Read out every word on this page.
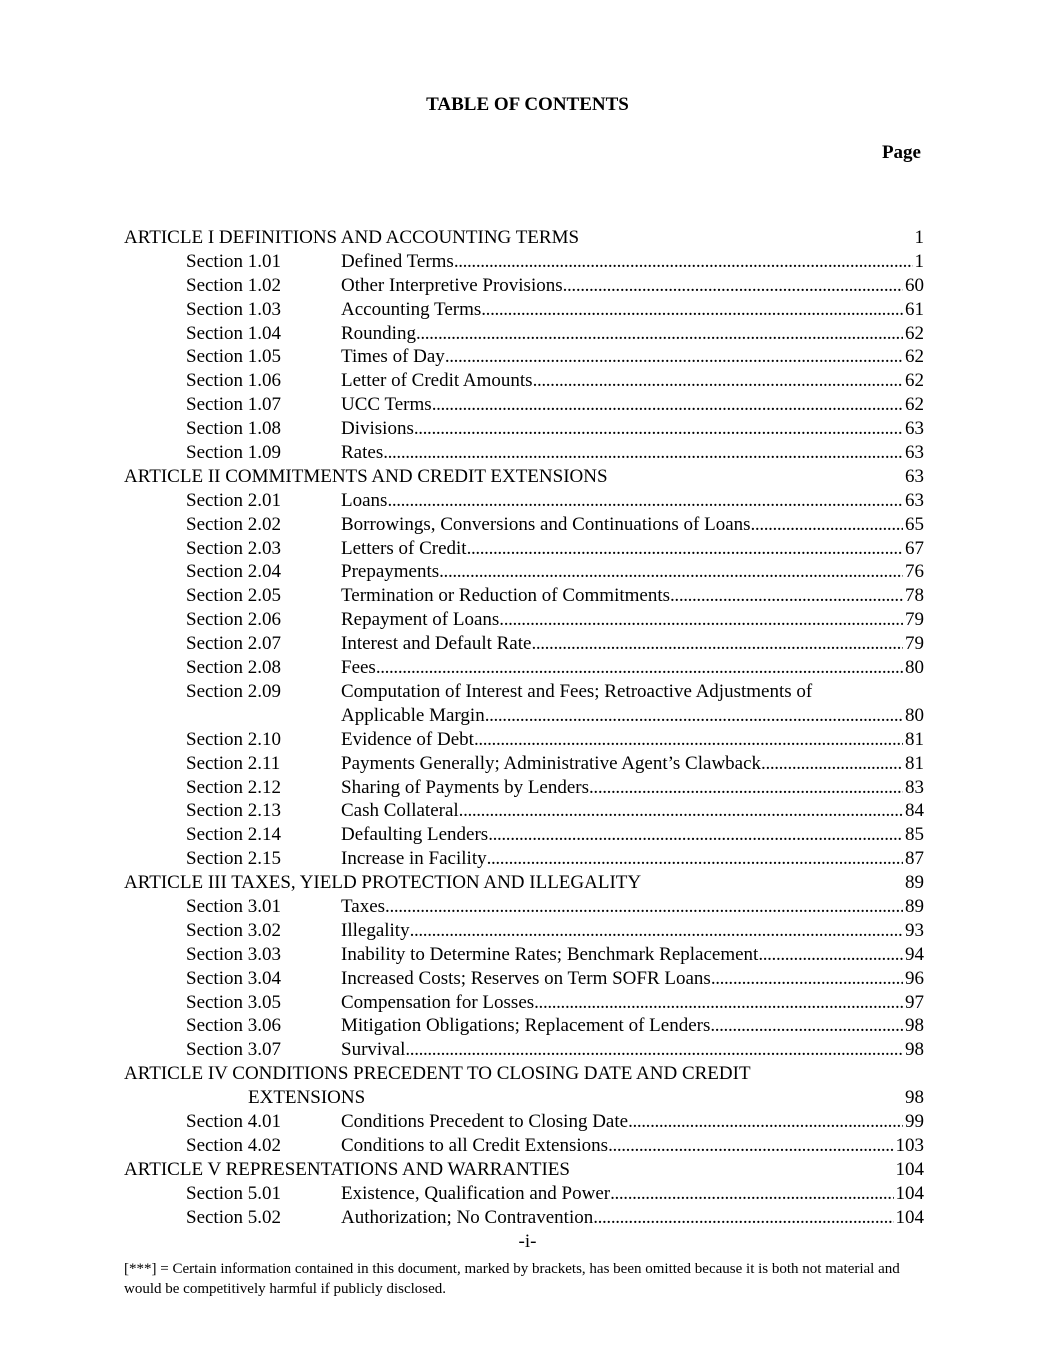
TABLE OF CONTENTS
Page
ARTICLE I DEFINITIONS AND ACCOUNTING TERMS	1
Section 1.01	Defined Terms . . .	1
Section 1.02	Other Interpretive Provisions . . .	60
Section 1.03	Accounting Terms . . .	61
Section 1.04	Rounding . . .	62
Section 1.05	Times of Day . . .	62
Section 1.06	Letter of Credit Amounts . . .	62
Section 1.07	UCC Terms . . .	62
Section 1.08	Divisions . . .	63
Section 1.09	Rates . . .	63
ARTICLE II COMMITMENTS AND CREDIT EXTENSIONS	63
Section 2.01	Loans . . .	63
Section 2.02	Borrowings, Conversions and Continuations of Loans . . .	65
Section 2.03	Letters of Credit . . .	67
Section 2.04	Prepayments . . .	76
Section 2.05	Termination or Reduction of Commitments . . .	78
Section 2.06	Repayment of Loans . . .	79
Section 2.07	Interest and Default Rate . . .	79
Section 2.08	Fees . . .	80
Section 2.09	Computation of Interest and Fees; Retroactive Adjustments of
Applicable Margin . . .	80
Section 2.10	Evidence of Debt . . .	81
Section 2.11	Payments Generally; Administrative Agent’s Clawback . . .	81
Section 2.12	Sharing of Payments by Lenders . . .	83
Section 2.13	Cash Collateral . . .	84
Section 2.14	Defaulting Lenders . . .	85
Section 2.15	Increase in Facility . . .	87
ARTICLE III TAXES, YIELD PROTECTION AND ILLEGALITY	89
Section 3.01	Taxes . . .	89
Section 3.02	Illegality . . .	93
Section 3.03	Inability to Determine Rates; Benchmark Replacement . . .	94
Section 3.04	Increased Costs; Reserves on Term SOFR Loans . . .	96
Section 3.05	Compensation for Losses . . .	97
Section 3.06	Mitigation Obligations; Replacement of Lenders . . .	98
Section 3.07	Survival . . .	98
ARTICLE IV CONDITIONS PRECEDENT TO CLOSING DATE AND CREDIT
EXTENSIONS	98
Section 4.01	Conditions Precedent to Closing Date . . .	99
Section 4.02	Conditions to all Credit Extensions . . .	103
ARTICLE V REPRESENTATIONS AND WARRANTIES	104
Section 5.01	Existence, Qualification and Power . . .	104
Section 5.02	Authorization; No Contravention . . .	104
-i-
[***] = Certain information contained in this document, marked by brackets, has been omitted because it is both not material and would be competitively harmful if publicly disclosed.
